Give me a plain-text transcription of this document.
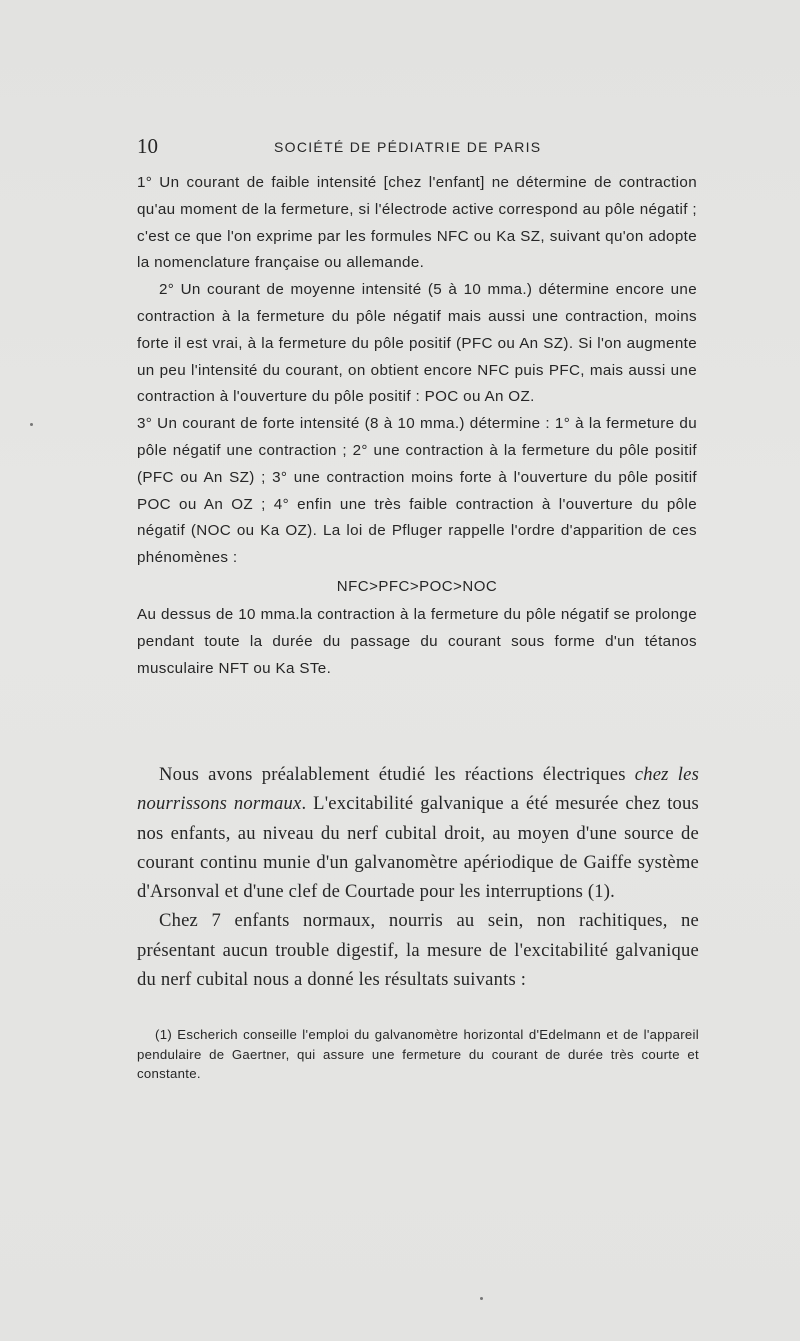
10	SOCIÉTÉ DE PÉDIATRIE DE PARIS

1° Un courant de faible intensité [chez l'enfant] ne détermine de contraction qu'au moment de la fermeture, si l'électrode active correspond au pôle négatif ; c'est ce que l'on exprime par les formules NFC ou Ka SZ, suivant qu'on adopte la nomenclature française ou allemande.

2° Un courant de moyenne intensité (5 à 10 mma.) détermine encore une contraction à la fermeture du pôle négatif mais aussi une contraction, moins forte il est vrai, à la fermeture du pôle positif (PFC ou An SZ). Si l'on augmente un peu l'intensité du courant, on obtient encore NFC puis PFC, mais aussi une contraction à l'ouverture du pôle positif : POC ou An OZ.

3° Un courant de forte intensité (8 à 10 mma.) détermine : 1° à la fermeture du pôle négatif une contraction ; 2° une contraction à la fermeture du pôle positif (PFC ou An SZ) ; 3° une contraction moins forte à l'ouverture du pôle positif POC ou An OZ ; 4° enfin une très faible contraction à l'ouverture du pôle négatif (NOC ou Ka OZ). La loi de Pfluger rappelle l'ordre d'apparition de ces phénomènes :

NFC>PFC>POC>NOC

Au dessus de 10 mma.la contraction à la fermeture du pôle négatif se prolonge pendant toute la durée du passage du courant sous forme d'un tétanos musculaire NFT ou Ka STe.

Nous avons préalablement étudié les réactions électriques chez les nourrissons normaux. L'excitabilité galvanique a été mesurée chez tous nos enfants, au niveau du nerf cubital droit, au moyen d'une source de courant continu munie d'un galvanomètre apériodique de Gaiffe système d'Arsonval et d'une clef de Courtade pour les interruptions (1).

Chez 7 enfants normaux, nourris au sein, non rachitiques, ne présentant aucun trouble digestif, la mesure de l'excitabilité galvanique du nerf cubital nous a donné les résultats suivants :

(1) Escherich conseille l'emploi du galvanomètre horizontal d'Edelmann et de l'appareil pendulaire de Gaertner, qui assure une fermeture du courant de durée très courte et constante.
